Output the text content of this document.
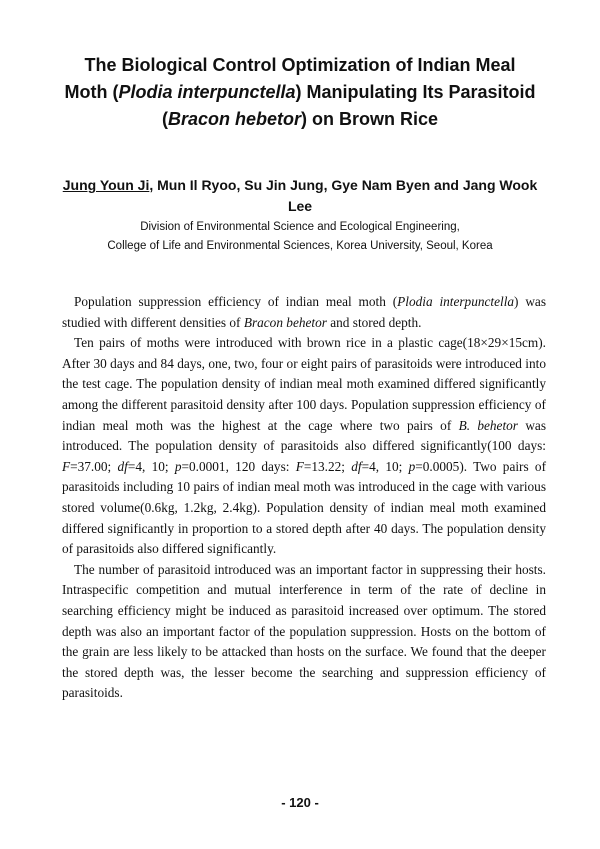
The Biological Control Optimization of Indian Meal
Moth (Plodia interpunctella) Manipulating Its Parasitoid
(Bracon hebetor) on Brown Rice
Jung Youn Ji, Mun Il Ryoo, Su Jin Jung, Gye Nam Byen and Jang Wook Lee
Division of Environmental Science and Ecological Engineering,
College of Life and Environmental Sciences, Korea University, Seoul, Korea

Population suppression efficiency of indian meal moth (Plodia interpunctella) was studied with different densities of Bracon behetor and stored depth.

Ten pairs of moths were introduced with brown rice in a plastic cage(18×29×15cm). After 30 days and 84 days, one, two, four or eight pairs of parasitoids were introduced into the test cage. The population density of indian meal moth examined differed significantly among the different parasitoid density after 100 days. Population suppression efficiency of indian meal moth was the highest at the cage where two pairs of B. behetor was introduced. The population density of parasitoids also differed significantly(100 days: F=37.00; df=4, 10; p=0.0001, 120 days: F=13.22; df=4, 10; p=0.0005). Two pairs of parasitoids including 10 pairs of indian meal moth was introduced in the cage with various stored volume(0.6kg, 1.2kg, 2.4kg). Population density of indian meal moth examined differed significantly in proportion to a stored depth after 40 days. The population density of parasitoids also differed significantly.

The number of parasitoid introduced was an important factor in suppressing their hosts. Intraspecific competition and mutual interference in term of the rate of decline in searching efficiency might be induced as parasitoid increased over optimum. The stored depth was also an important factor of the population suppression. Hosts on the bottom of the grain are less likely to be attacked than hosts on the surface. We found that the deeper the stored depth was, the lesser become the searching and suppression efficiency of parasitoids.

- 120 -
